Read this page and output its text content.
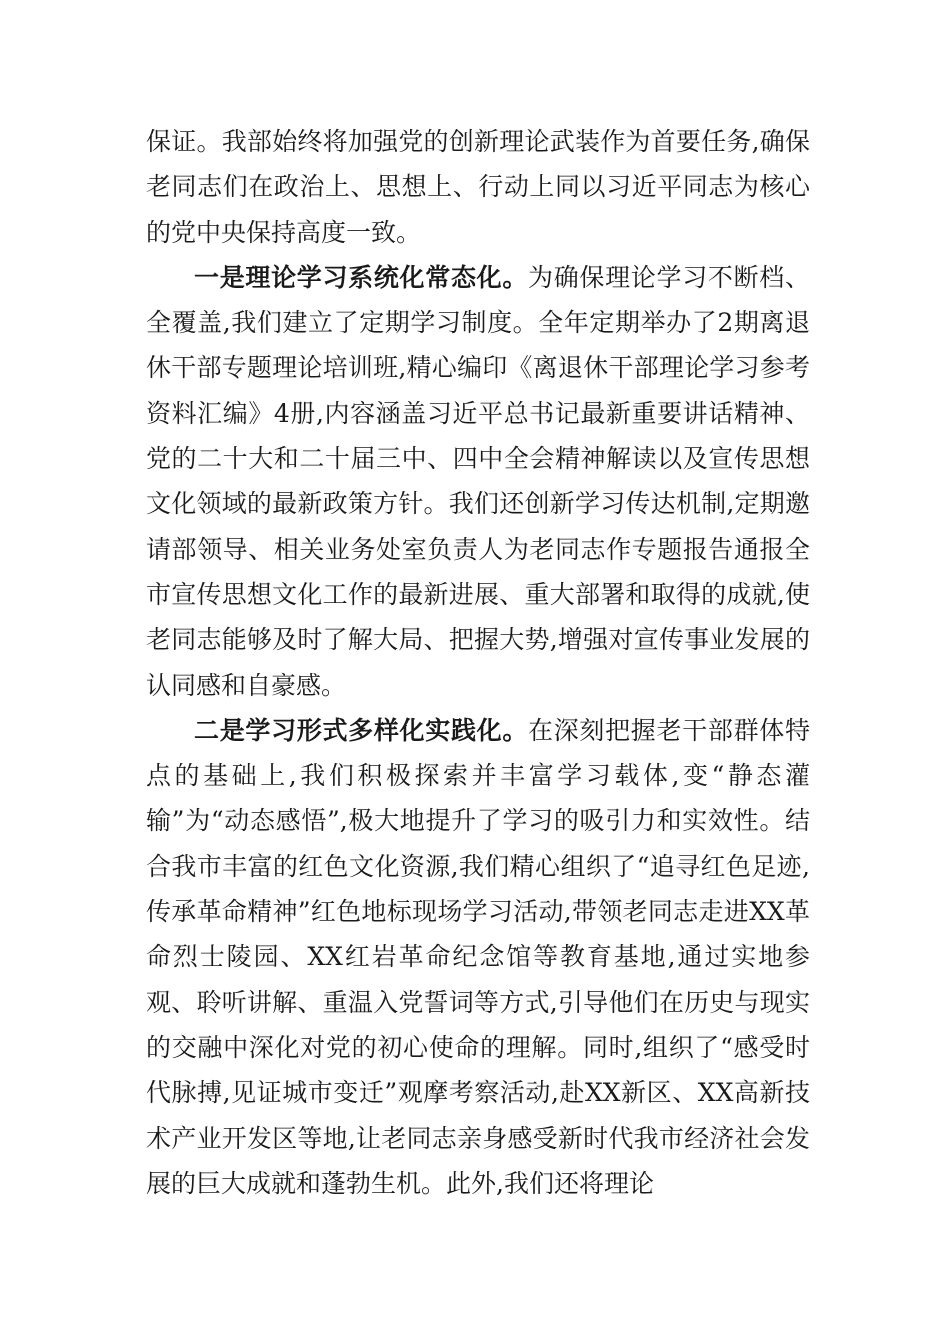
保证。我部始终将加强党的创新理论武装作为首要任务,确保老同志们在政治上、思想上、行动上同以习近平同志为核心的党中央保持高度一致。

一是理论学习系统化常态化。为确保理论学习不断档、全覆盖,我们建立了定期学习制度。全年定期举办了2期离退休干部专题理论培训班,精心编印《离退休干部理论学习参考资料汇编》4册,内容涵盖习近平总书记最新重要讲话精神、党的二十大和二十届三中、四中全会精神解读以及宣传思想文化领域的最新政策方针。我们还创新学习传达机制,定期邀请部领导、相关业务处室负责人为老同志作专题报告通报全市宣传思想文化工作的最新进展、重大部署和取得的成就,使老同志能够及时了解大局、把握大势,增强对宣传事业发展的认同感和自豪感。

二是学习形式多样化实践化。在深刻把握老干部群体特点的基础上,我们积极探索并丰富学习载体,变“静态灌输”为“动态感悟”,极大地提升了学习的吸引力和实效性。结合我市丰富的红色文化资源,我们精心组织了“追寻红色足迹,传承革命精神”红色地标现场学习活动,带领老同志走进XX革命烈士陵园、XX红岩革命纪念馆等教育基地,通过实地参观、聆听讲解、重温入党誓词等方式,引导他们在历史与现实的交融中深化对党的初心使命的理解。同时,组织了“感受时代脉搏,见证城市变迁”观摩考察活动,赴XX新区、XX高新技术产业开发区等地,让老同志亲身感受新时代我市经济社会发展的巨大成就和蓬勃生机。此外,我们还将理论
